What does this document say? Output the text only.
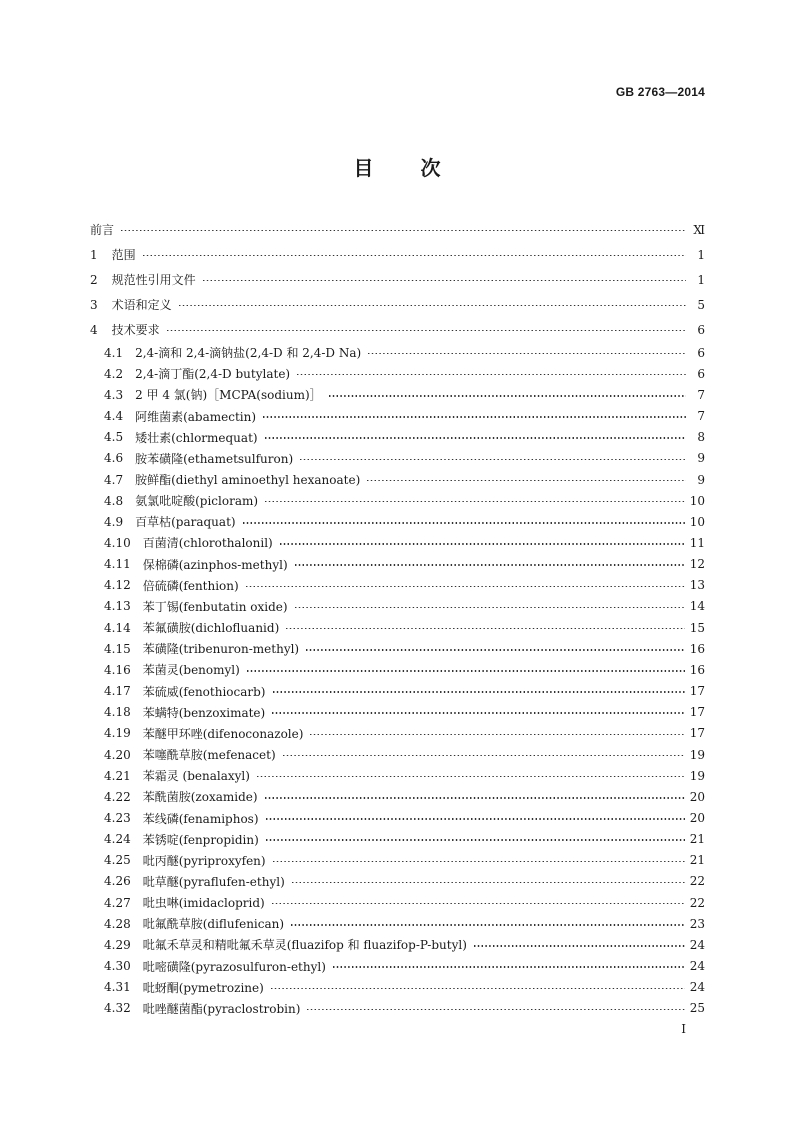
GB 2763—2014
目 次
前言	Ⅺ
1 范围	1
2 规范性引用文件	1
3 术语和定义	5
4 技术要求	6
4.1 2,4-滴和 2,4-滴钠盐(2,4-D 和 2,4-D Na)	6
4.2 2,4-滴丁酯(2,4-D butylate)	6
4.3 2 甲 4 氯(钠)［MCPA(sodium)］	7
4.4 阿维菌素(abamectin)	7
4.5 矮壮素(chlormequat)	8
4.6 胺苯磺隆(ethametsulfuron)	9
4.7 胺鲜酯(diethyl aminoethyl hexanoate)	9
4.8 氨氯吡啶酸(picloram)	10
4.9 百草枯(paraquat)	10
4.10 百菌清(chlorothalonil)	11
4.11 保棉磷(azinphos-methyl)	12
4.12 倍硫磷(fenthion)	13
4.13 苯丁锡(fenbutatin oxide)	14
4.14 苯氟磺胺(dichlofluanid)	15
4.15 苯磺隆(tribenuron-methyl)	16
4.16 苯菌灵(benomyl)	16
4.17 苯硫威(fenothiocarb)	17
4.18 苯螨特(benzoximate)	17
4.19 苯醚甲环唑(difenoconazole)	17
4.20 苯噻酰草胺(mefenacet)	19
4.21 苯霜灵 (benalaxyl)	19
4.22 苯酰菌胺(zoxamide)	20
4.23 苯线磷(fenamiphos)	20
4.24 苯锈啶(fenpropidin)	21
4.25 吡丙醚(pyriproxyfen)	21
4.26 吡草醚(pyraflufen-ethyl)	22
4.27 吡虫啉(imidacloprid)	22
4.28 吡氟酰草胺(diflufenican)	23
4.29 吡氟禾草灵和精吡氟禾草灵(fluazifop 和 fluazifop-P-butyl)	24
4.30 吡嘧磺隆(pyrazosulfuron-ethyl)	24
4.31 吡蚜酮(pymetrozine)	24
4.32 吡唑醚菌酯(pyraclostrobin)	25
I
